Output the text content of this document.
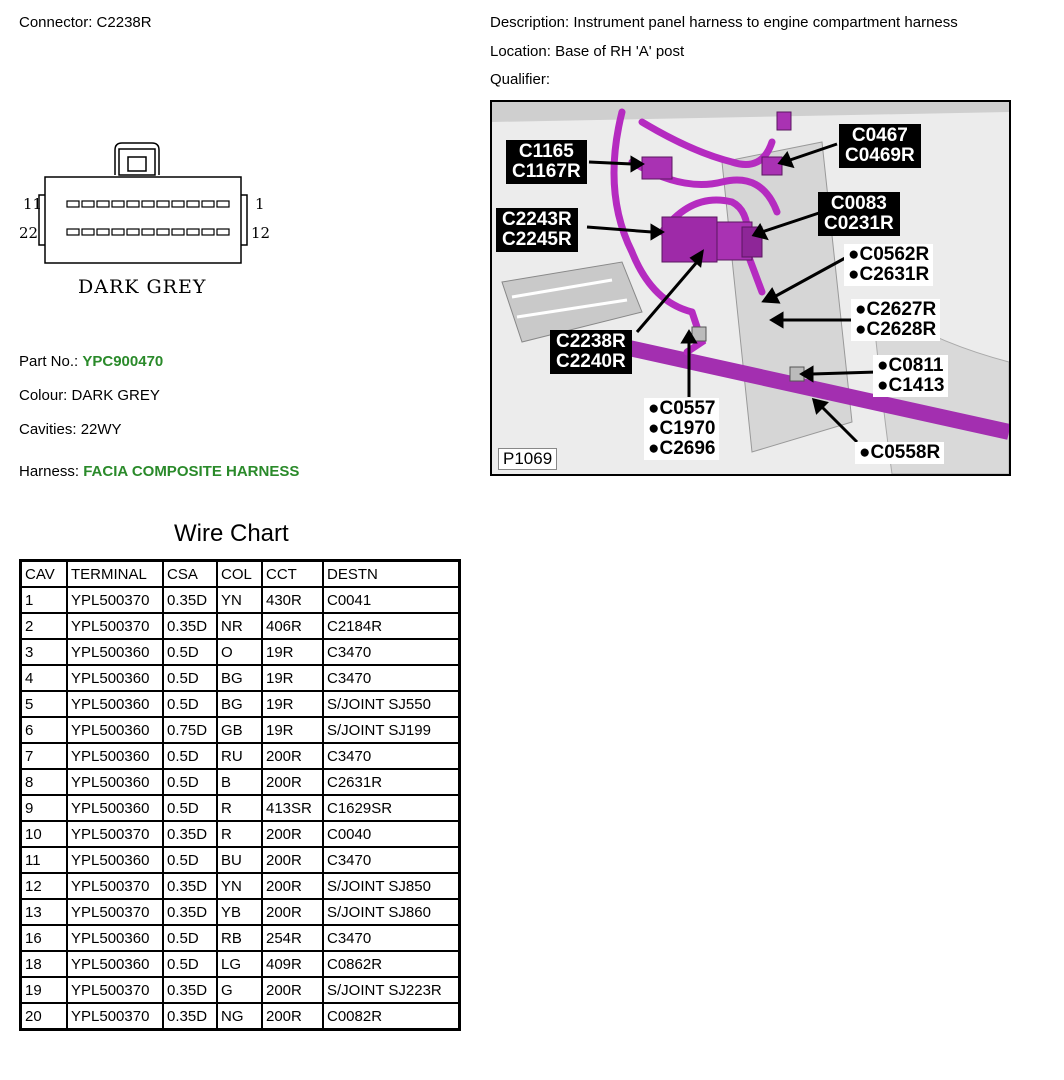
Connector: C2238R	Description: Instrument panel harness to engine compartment harness
Location: Base of RH 'A' post
Qualifier:
11
22
1
12
DARK GREY
Part No.: YPC900470
Colour: DARK GREY
Cavities: 22WY
Harness: FACIA COMPOSITE HARNESS
C1165
C1167R
C0467
C0469R
C2243R
C2245R
C0083
C0231R
●C0562R
●C2631R
●C2627R
●C2628R
C2238R
C2240R	●C0811
●C1413
●C0557
●C1970
●C2696	●C0558R
P1069
Wire Chart
CAV	TERMINAL	CSA	COL	CCT	DESTN
1	YPL500370	0.35D	YN	430R	C0041
2	YPL500370	0.35D	NR	406R	C2184R
3	YPL500360	0.5D	O	19R	C3470
4	YPL500360	0.5D	BG	19R	C3470
5	YPL500360	0.5D	BG	19R	S/JOINT SJ550
6	YPL500360	0.75D	GB	19R	S/JOINT SJ199
7	YPL500360	0.5D	RU	200R	C3470
8	YPL500360	0.5D	B	200R	C2631R
9	YPL500360	0.5D	R	413SR	C1629SR
10	YPL500370	0.35D	R	200R	C0040
11	YPL500360	0.5D	BU	200R	C3470
12	YPL500370	0.35D	YN	200R	S/JOINT SJ850
13	YPL500370	0.35D	YB	200R	S/JOINT SJ860
16	YPL500360	0.5D	RB	254R	C3470
18	YPL500360	0.5D	LG	409R	C0862R
19	YPL500370	0.35D	G	200R	S/JOINT SJ223R
20	YPL500370	0.35D	NG	200R	C0082R
